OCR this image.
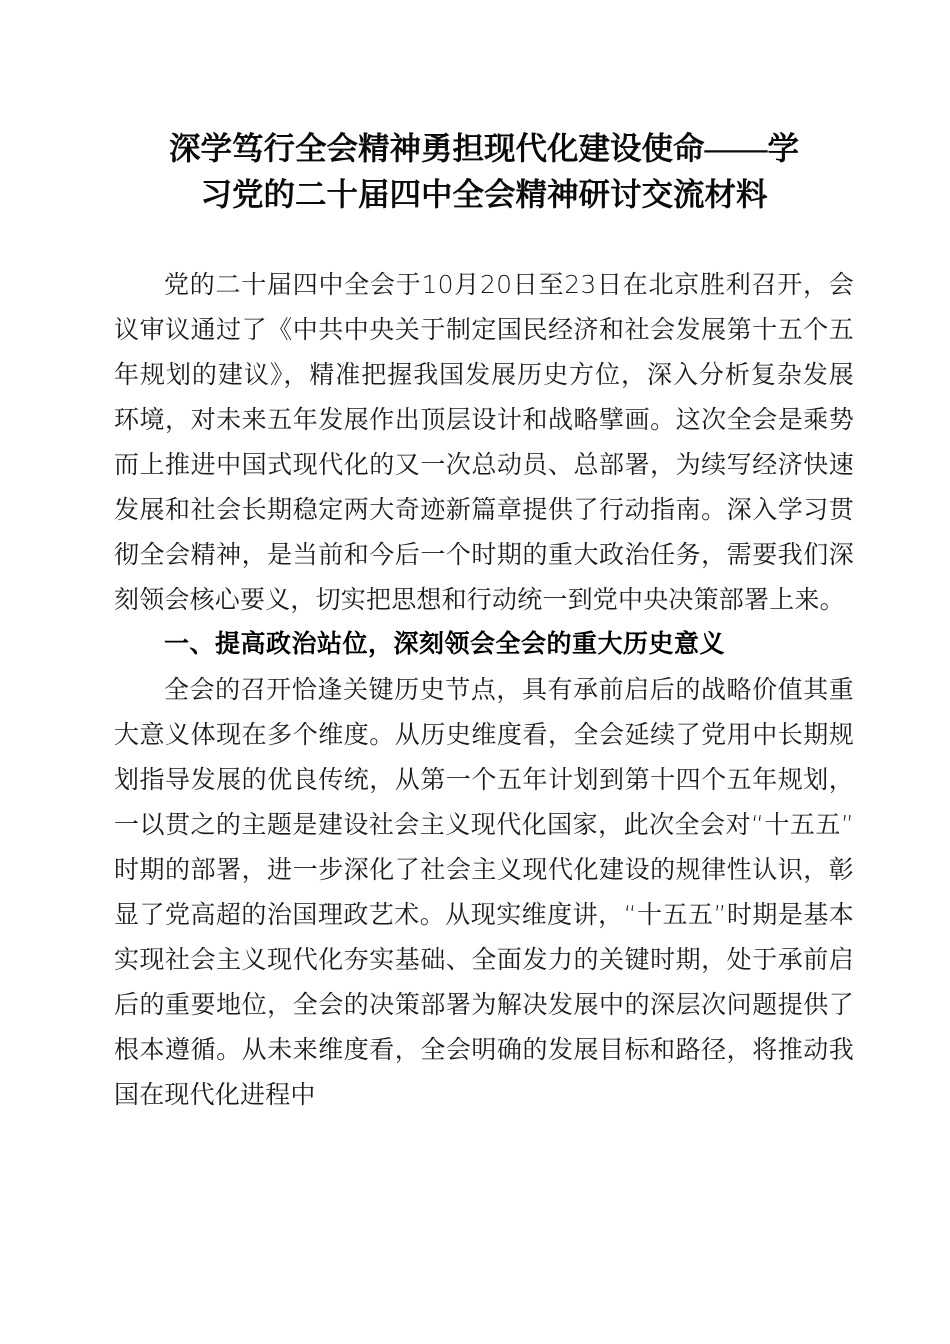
深学笃行全会精神勇担现代化建设使命——学
习党的二十届四中全会精神研讨交流材料

党的二十届四中全会于10月20日至23日在北京胜利召开，会议审议通过了《中共中央关于制定国民经济和社会发展第十五个五年规划的建议》，精准把握我国发展历史方位，深入分析复杂发展环境，对未来五年发展作出顶层设计和战略擘画。这次全会是乘势而上推进中国式现代化的又一次总动员、总部署，为续写经济快速发展和社会长期稳定两大奇迹新篇章提供了行动指南。深入学习贯彻全会精神，是当前和今后一个时期的重大政治任务，需要我们深刻领会核心要义，切实把思想和行动统一到党中央决策部署上来。

一、提高政治站位，深刻领会全会的重大历史意义

全会的召开恰逢关键历史节点，具有承前启后的战略价值其重大意义体现在多个维度。从历史维度看，全会延续了党用中长期规划指导发展的优良传统，从第一个五年计划到第十四个五年规划，一以贯之的主题是建设社会主义现代化国家，此次全会对“十五五”时期的部署，进一步深化了社会主义现代化建设的规律性认识，彰显了党高超的治国理政艺术。从现实维度讲，“十五五”时期是基本实现社会主义现代化夯实基础、全面发力的关键时期，处于承前启后的重要地位，全会的决策部署为解决发展中的深层次问题提供了根本遵循。从未来维度看，全会明确的发展目标和路径，将推动我国在现代化进程中
